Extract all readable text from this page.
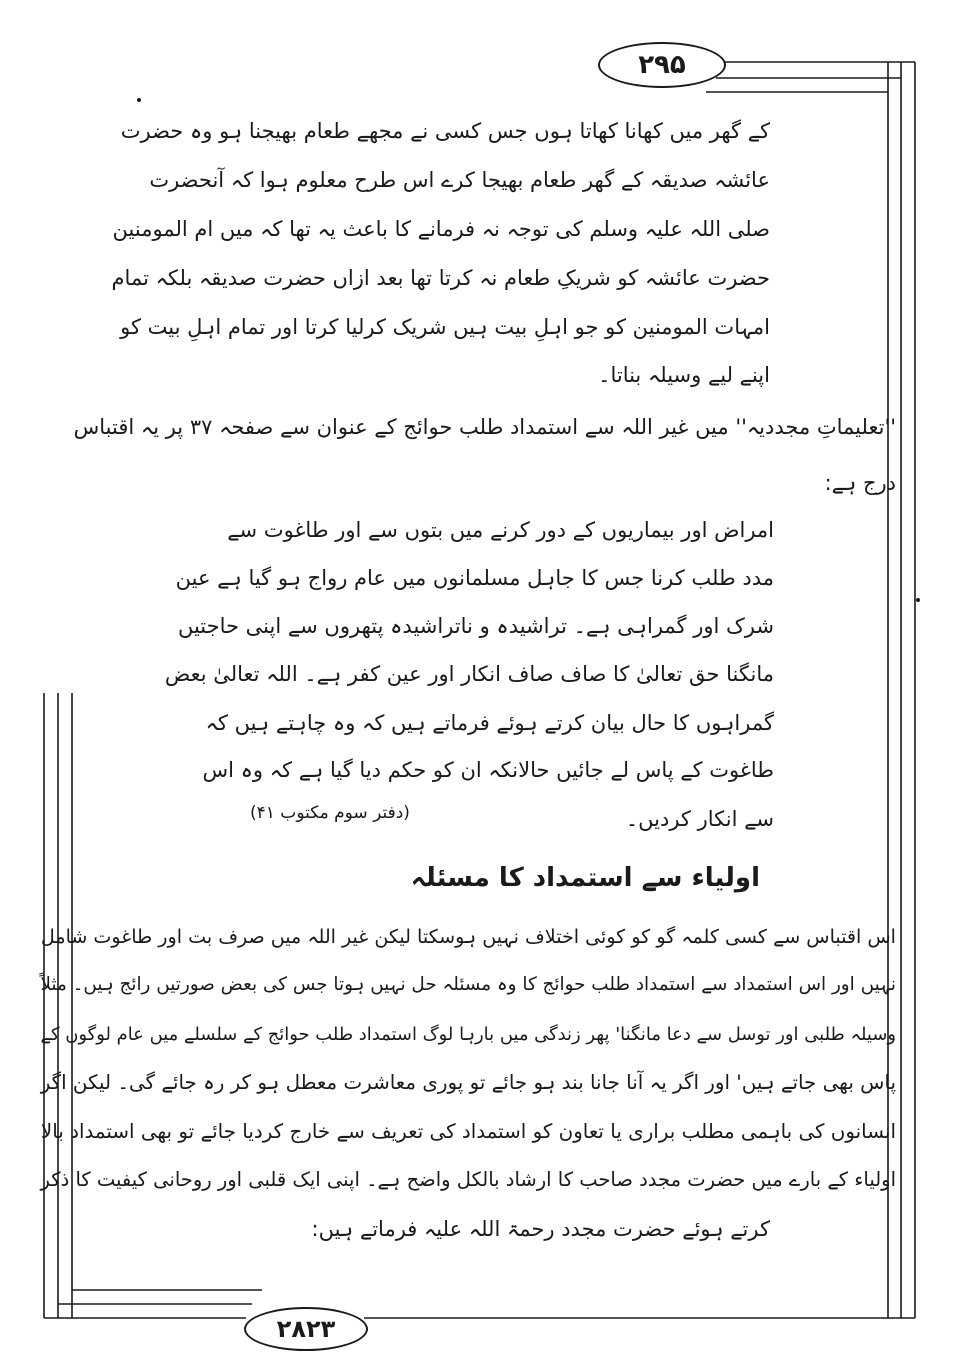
۲۹۵
۲۸۲۳
کے گھر میں کھانا کھاتا ہوں جس کسی نے مجھے طعام بھیجنا ہو وہ حضرت
عائشہ صدیقہ کے گھر طعام بھیجا کرے اس طرح معلوم ہوا کہ آنحضرت
صلی اللہ علیہ وسلم کی توجہ نہ فرمانے کا باعث یہ تھا کہ میں ام المومنین
حضرت عائشہ کو شریکِ طعام نہ کرتا تھا بعد ازاں حضرت صدیقہ بلکہ تمام
امہات المومنین کو جو اہلِ بیت ہیں شریک کرلیا کرتا اور تمام اہلِ بیت کو
اپنے لیے وسیلہ بناتا۔
''تعلیماتِ مجددیہ'' میں غیر اللہ سے استمداد طلب حوائج کے عنوان سے صفحہ ۳۷ پر یہ اقتباس
درج ہے:
امراض اور بیماریوں کے دور کرنے میں بتوں سے اور طاغوت سے
مدد طلب کرنا جس کا جاہل مسلمانوں میں عام رواج ہو گیا ہے عین
شرک اور گمراہی ہے۔ تراشیدہ و ناتراشیدہ پتھروں سے اپنی حاجتیں
مانگنا حق تعالیٰ کا صاف صاف انکار اور عین کفر ہے۔ اللہ تعالیٰ بعض
گمراہوں کا حال بیان کرتے ہوئے فرماتے ہیں کہ وہ چاہتے ہیں کہ
طاغوت کے پاس لے جائیں حالانکہ ان کو حکم دیا گیا ہے کہ وہ اس
سے انکار کردیں۔
(دفتر سوم مکتوب ۴۱)
اولیاء سے استمداد کا مسئلہ
اس اقتباس سے کسی کلمہ گو کو کوئی اختلاف نہیں ہوسکتا لیکن غیر اللہ میں صرف بت اور طاغوت شامل
نہیں اور اس استمداد سے استمداد طلب حوائج کا وہ مسئلہ حل نہیں ہوتا جس کی بعض صورتیں رائج ہیں۔ مثلاً
وسیلہ طلبی اور توسل سے دعا مانگنا' پھر زندگی میں بارہا لوگ استمداد طلب حوائج کے سلسلے میں عام لوگوں کے
پاس بھی جاتے ہیں' اور اگر یہ آنا جانا بند ہو جائے تو پوری معاشرت معطل ہو کر رہ جائے گی۔ لیکن اگر
انسانوں کی باہمی مطلب براری یا تعاون کو استمداد کی تعریف سے خارج کردیا جائے تو بھی استمداد بالا
اولیاء کے بارے میں حضرت مجدد صاحب کا ارشاد بالکل واضح ہے۔ اپنی ایک قلبی اور روحانی کیفیت کا ذکر
کرتے ہوئے حضرت مجدد رحمۃ اللہ علیہ فرماتے ہیں:
